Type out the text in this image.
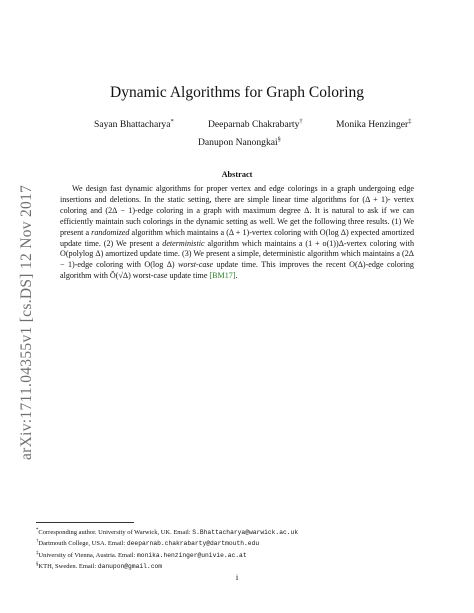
arXiv:1711.04355v1 [cs.DS] 12 Nov 2017
Dynamic Algorithms for Graph Coloring
Sayan Bhattacharya*	Deeparnab Chakrabarty†	Monika Henzinger‡
Danupon Nanongkai§
Abstract

We design fast dynamic algorithms for proper vertex and edge colorings in a graph undergoing edge insertions and deletions. In the static setting, there are simple linear time algorithms for (Δ + 1)- vertex coloring and (2Δ − 1)-edge coloring in a graph with maximum degree Δ. It is natural to ask if we can efficiently maintain such colorings in the dynamic setting as well. We get the following three results. (1) We present a randomized algorithm which maintains a (Δ + 1)-vertex coloring with O(log Δ) expected amortized update time. (2) We present a deterministic algorithm which maintains a (1 + o(1))Δ-vertex coloring with O(polylog Δ) amortized update time. (3) We present a simple, deterministic algorithm which maintains a (2Δ − 1)-edge coloring with O(log Δ) worst-case update time. This improves the recent O(Δ)-edge coloring algorithm with Õ(√Δ) worst-case update time [BM17].

*Corresponding author. University of Warwick, UK. Email: S.Bhattacharya@warwick.ac.uk
†Dartmouth College, USA. Email: deeparnab.chakrabarty@dartmouth.edu
‡University of Vienna, Austria. Email: monika.henzinger@univie.ac.at
§KTH, Sweden. Email: danupon@gmail.com
i
